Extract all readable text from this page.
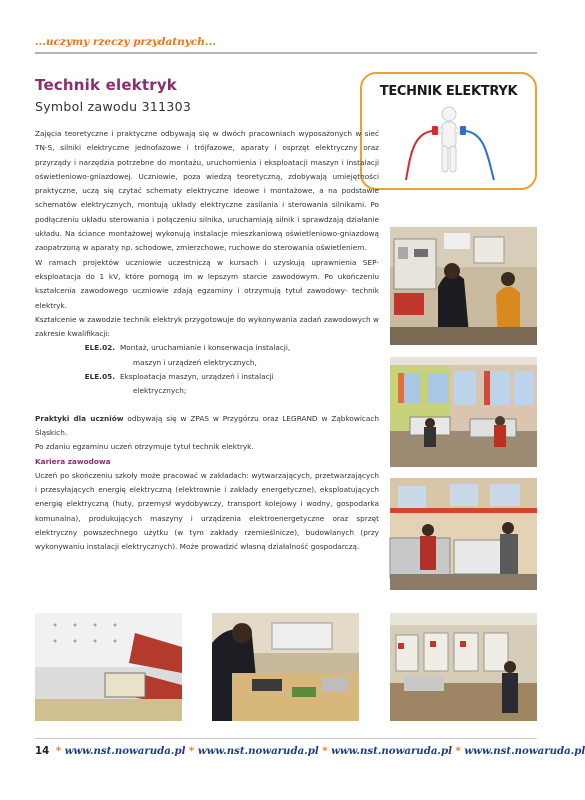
...uczymy rzeczy przydatnych...
Technik elektryk
Symbol zawodu 311303
TECHNIK ELEKTRYK

Zajęcia teoretyczne i praktyczne odbywają się w dwóch pracowniach wyposażonych w sieć TN-S, silniki elektryczne jednofazowe i trójfazowe, aparaty i osprzęt elektryczny oraz przyrządy i narzędzia potrzebne do montażu, uruchomienia i eksploatacji maszyn i instalacji oświetleniowo-gniazdowej. Uczniowie, poza wiedzą teoretyczną, zdobywają umiejętności praktyczne, uczą się czytać schematy elektryczne ideowe i montażowe, a na podstawie schematów elektrycznych, montują układy elektryczne zasilania i sterowania silnikami. Po podłączeniu układu sterowania i połączeniu silnika, uruchamiają silnik i sprawdzają działanie układu. Na ściance montażowej wykonują instalacje mieszkaniową oświetleniowo-gniazdową zaopatrzoną w aparaty np. schodowe, zmierzchowe, ruchowe do sterowania oświetleniem.

W ramach projektów uczniowie uczestniczą w kursach i uzyskują uprawnienia SEP-eksploatacja do 1 kV, które pomogą im w lepszym starcie zawodowym. Po ukończeniu kształcenia zawodowego uczniowie zdają egzaminy i otrzymują tytuł zawodowy- technik elektryk.

Kształcenie w zawodzie technik elektryk przygotowuje do wykonywania zadań zawodowych w zakresie kwalifikacji:

ELE.02. Montaż, uruchamianie i konserwacja instalacji,
maszyn i urządzeń elektrycznych,
ELE.05. Eksploatacja maszyn, urządzeń i instalacji
elektrycznych;

Praktyki dla uczniów odbywają się w ZPAS w Przygórzu oraz LEGRAND w Ząbkowicach Śląskich.

Po zdaniu egzaminu uczeń otrzymuje tytuł technik elektryk.

Kariera zawodowa

Uczeń po skończeniu szkoły może pracować w zakładach: wytwarzających, przetwarzających i przesyłających energię elektryczną (elektrownie i zakłady energetyczne), eksploatujących energię elektryczną (huty, przemysł wydobywczy, transport kolejowy i wodny, gospodarka komunalna), produkujących maszyny i urządzenia elektroenergetyczne oraz sprzęt elektryczny powszechnego użytku (w tym zakłady rzemieślnicze), budowlanych (przy wykonywaniu instalacji elektrycznych). Może prowadzić własną działalność gospodarczą.

14 * www.nst.nowaruda.pl * www.nst.nowaruda.pl * www.nst.nowaruda.pl * www.nst.nowaruda.pl
